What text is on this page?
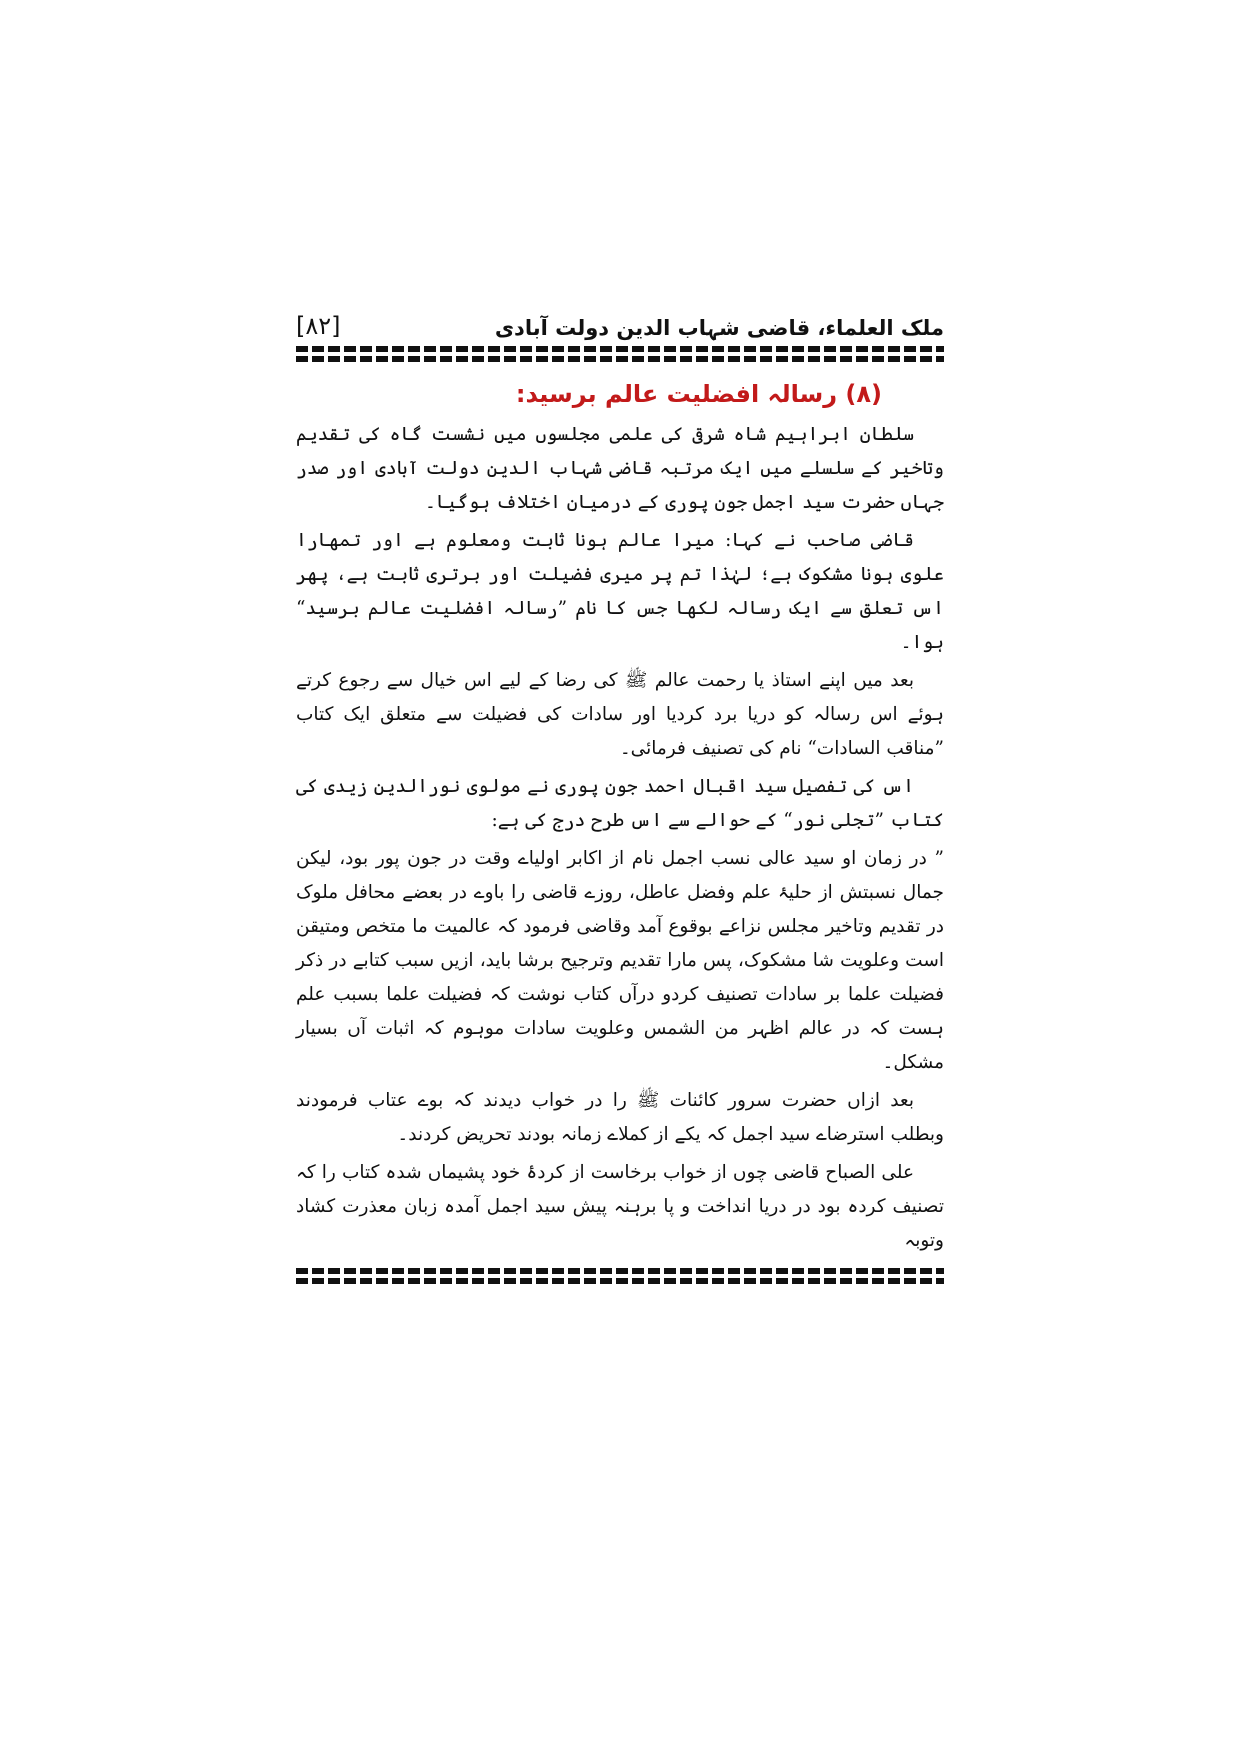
ملک العلماء، قاضی شہاب الدین دولت آبادی
[۸۲]
(۸) رسالہ افضلیت عالم برسید:

سلطان ابراہیم شاہ شرقی کی علمی مجلسوں میں نشست گاہ کی تقدیم وتاخیر کے سلسلے میں ایک مرتبہ قاضی شہاب الدین دولت آبادی اور صدر جہاں حضرت سید اجمل جون پوری کے درمیان اختلاف ہوگیا۔

قاضی صاحب نے کہا: میرا عالم ہونا ثابت ومعلوم ہے اور تمھارا علوی ہونا مشکوک ہے؛ لہٰذا تم پر میری فضیلت اور برتری ثابت ہے، پھر اس تعلق سے ایک رسالہ لکھا جس کا نام ”رسالہ افضلیت عالم برسید“ ہوا۔

بعد میں اپنے استاذ یا رحمت عالم ﷺ کی رضا کے لیے اس خیال سے رجوع کرتے ہوئے اس رسالہ کو دریا برد کردیا اور سادات کی فضیلت سے متعلق ایک کتاب ”مناقب السادات“ نام کی تصنیف فرمائی۔

اس کی تفصیل سید اقبال احمد جون پوری نے مولوی نورالدین زیدی کی کتاب ”تجلی نور“ کے حوالے سے اس طرح درج کی ہے:

” در زمان او سید عالی نسب اجمل نام از اکابر اولیاے وقت در جون پور بود، لیکن جمال نسبتش از حلیۂ علم وفضل عاطل، روزے قاضی را باوے در بعضے محافل ملوک در تقدیم وتاخیر مجلس نزاعے بوقوع آمد وقاضی فرمود کہ عالمیت ما متخص ومتیقن است وعلویت شا مشکوک، پس مارا تقدیم وترجیح برشا باید، ازیں سبب کتابے در ذکر فضیلت علما بر سادات تصنیف کردو درآں کتاب نوشت کہ فضیلت علما بسبب علم ہست کہ در عالم اظہر من الشمس وعلویت سادات موہوم کہ اثبات آں بسیار مشکل۔

بعد ازاں حضرت سرور کائنات ﷺ را در خواب دیدند کہ بوے عتاب فرمودند وبطلب استرضاے سید اجمل کہ یکے از کملاے زمانہ بودند تحریض کردند۔

علی الصباح قاضی چوں از خواب برخاست از کردۂ خود پشیماں شدہ کتاب را کہ تصنیف کردہ بود در دریا انداخت و پا برہنہ پیش سید اجمل آمدہ زبان معذرت کشاد وتوبہ
